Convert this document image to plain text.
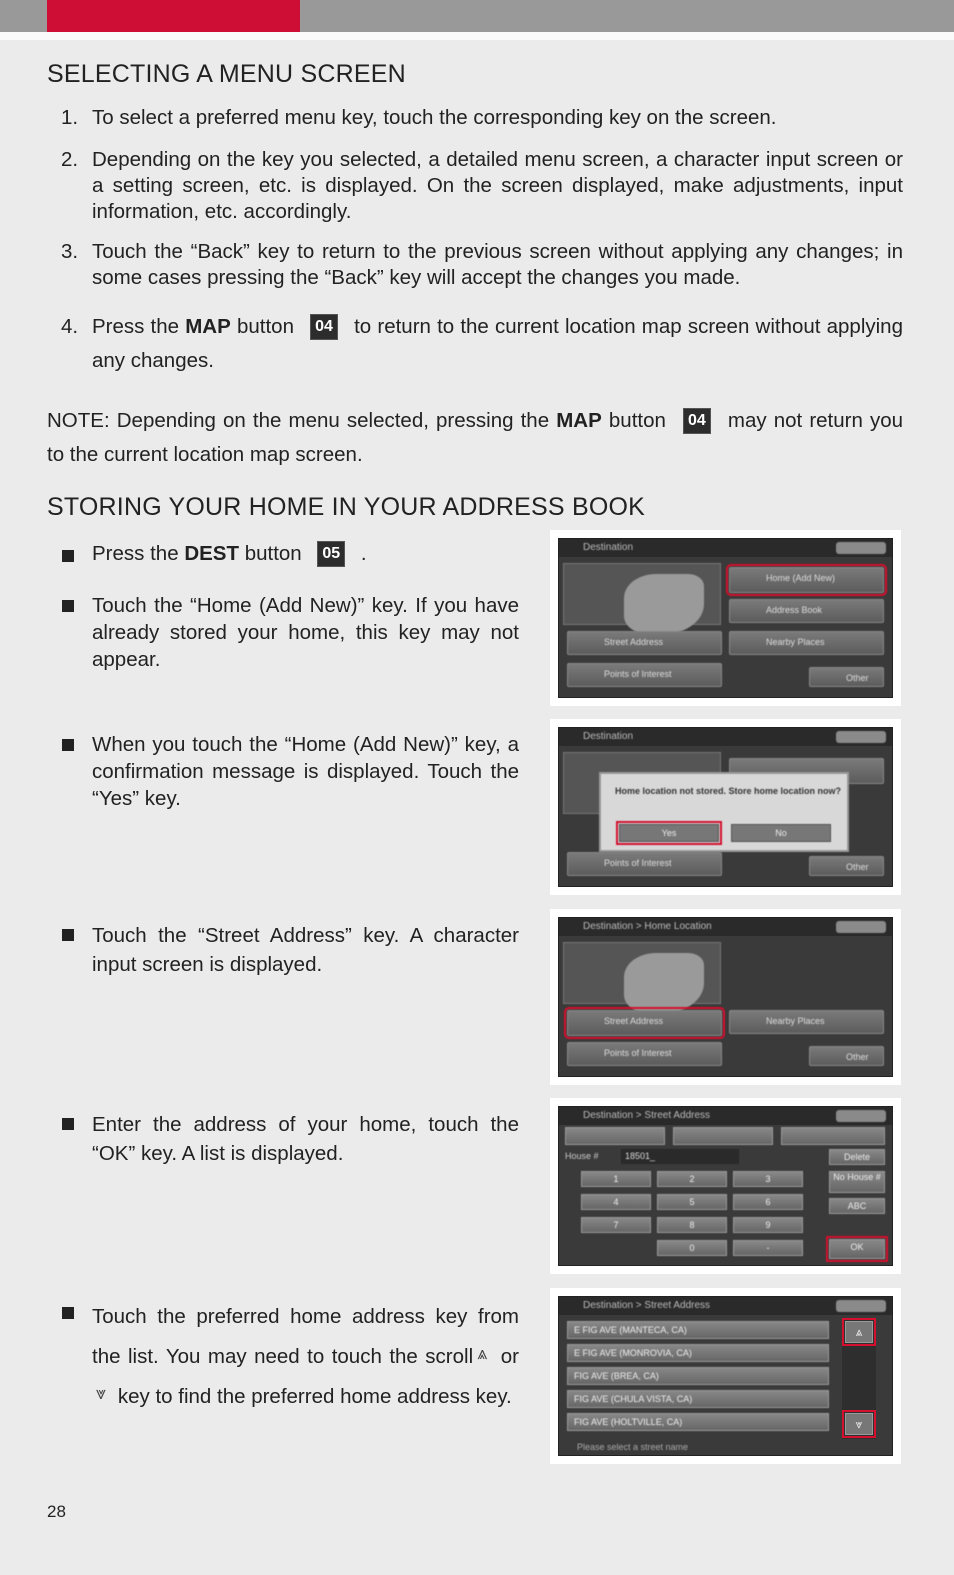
SELECTING A MENU SCREEN
1. To select a preferred menu key, touch the corresponding key on the screen.
2. Depending on the key you selected, a detailed menu screen, a character input screen or a setting screen, etc. is displayed. On the screen displayed, make adjustments, input information, etc. accordingly.
3. Touch the “Back” key to return to the previous screen without applying any changes; in some cases pressing the “Back” key will accept the changes you made.
4. Press the MAP button 04 to return to the current location map screen without applying any changes.
NOTE: Depending on the menu selected, pressing the MAP button 04 may not return you to the current location map screen.
STORING YOUR HOME IN YOUR ADDRESS BOOK
Press the DEST button 05 .
Touch the “Home (Add New)” key. If you have already stored your home, this key may not appear.
When you touch the “Home (Add New)” key, a confirmation message is displayed. Touch the “Yes” key.
Touch the “Street Address” key. A character input screen is displayed.
Enter the address of your home, touch the “OK” key. A list is displayed.
Touch the preferred home address key from the list. You may need to touch the scroll ⩓ or⩔ key to find the preferred home address key.
Destination
Home (Add New)
Address Book
Street Address	Nearby Places
Points of Interest	Other
Destination
Points of Interest	Other
Home location not stored. Store home location now?
Yes	No
Destination > Home Location
Street Address	Nearby Places
Points of Interest	Other
Destination > Street Address
House #	18501_	Delete
1	2	3
4	5	6
7	8	9
0	-
No House #
ABC
OK
Destination > Street Address
E FIG AVE (MANTECA, CA)
E FIG AVE (MONROVIA, CA)
FIG AVE (BREA, CA)
FIG AVE (CHULA VISTA, CA)
FIG AVE (HOLTVILLE, CA)
⩓
⩔
Please select a street name
28
